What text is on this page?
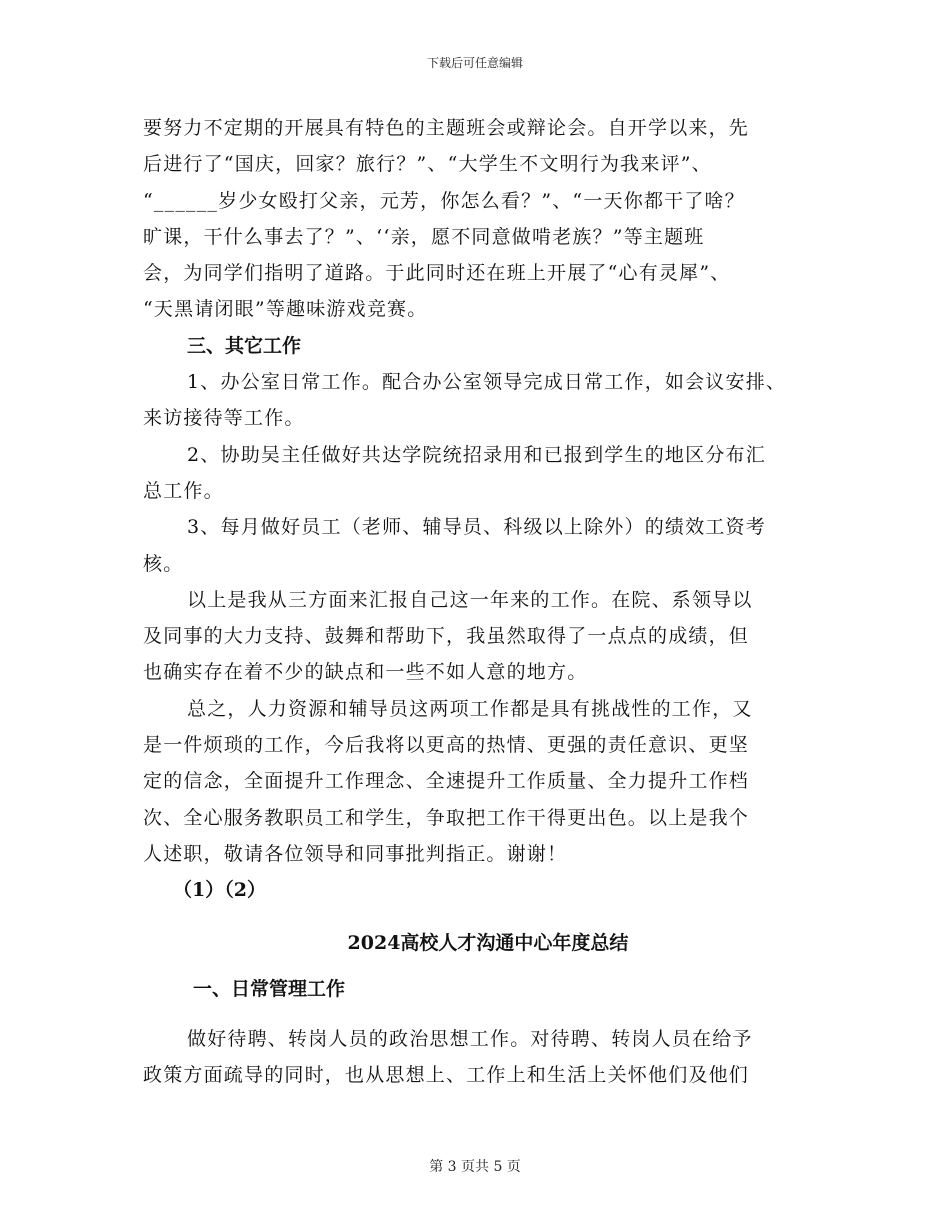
下载后可任意编辑

要努力不定期的开展具有特色的主题班会或辩论会。自开学以来，先

后进行了“国庆，回家？旅行？”、“大学生不文明行为我来评”、

“______岁少女殴打父亲，元芳，你怎么看？”、“一天你都干了啥？

旷课，干什么事去了？”、‘‘亲，愿不同意做啃老族？”等主题班

会，为同学们指明了道路。于此同时还在班上开展了“心有灵犀”、

“天黑请闭眼”等趣味游戏竞赛。

三、其它工作

1、办公室日常工作。配合办公室领导完成日常工作，如会议安排、

来访接待等工作。

2、协助吴主任做好共达学院统招录用和已报到学生的地区分布汇

总工作。

3、每月做好员工（老师、辅导员、科级以上除外）的绩效工资考

核。

以上是我从三方面来汇报自己这一年来的工作。在院、系领导以

及同事的大力支持、鼓舞和帮助下，我虽然取得了一点点的成绩，但

也确实存在着不少的缺点和一些不如人意的地方。

总之，人力资源和辅导员这两项工作都是具有挑战性的工作，又

是一件烦琐的工作，今后我将以更高的热情、更强的责任意识、更坚

定的信念，全面提升工作理念、全速提升工作质量、全力提升工作档

次、全心服务教职员工和学生，争取把工作干得更出色。以上是我个

人述职，敬请各位领导和同事批判指正。谢谢！

（1）（2）

2024高校人才沟通中心年度总结

一、日常管理工作

做好待聘、转岗人员的政治思想工作。对待聘、转岗人员在给予

政策方面疏导的同时，也从思想上、工作上和生活上关怀他们及他们

第 3 页共 5 页
